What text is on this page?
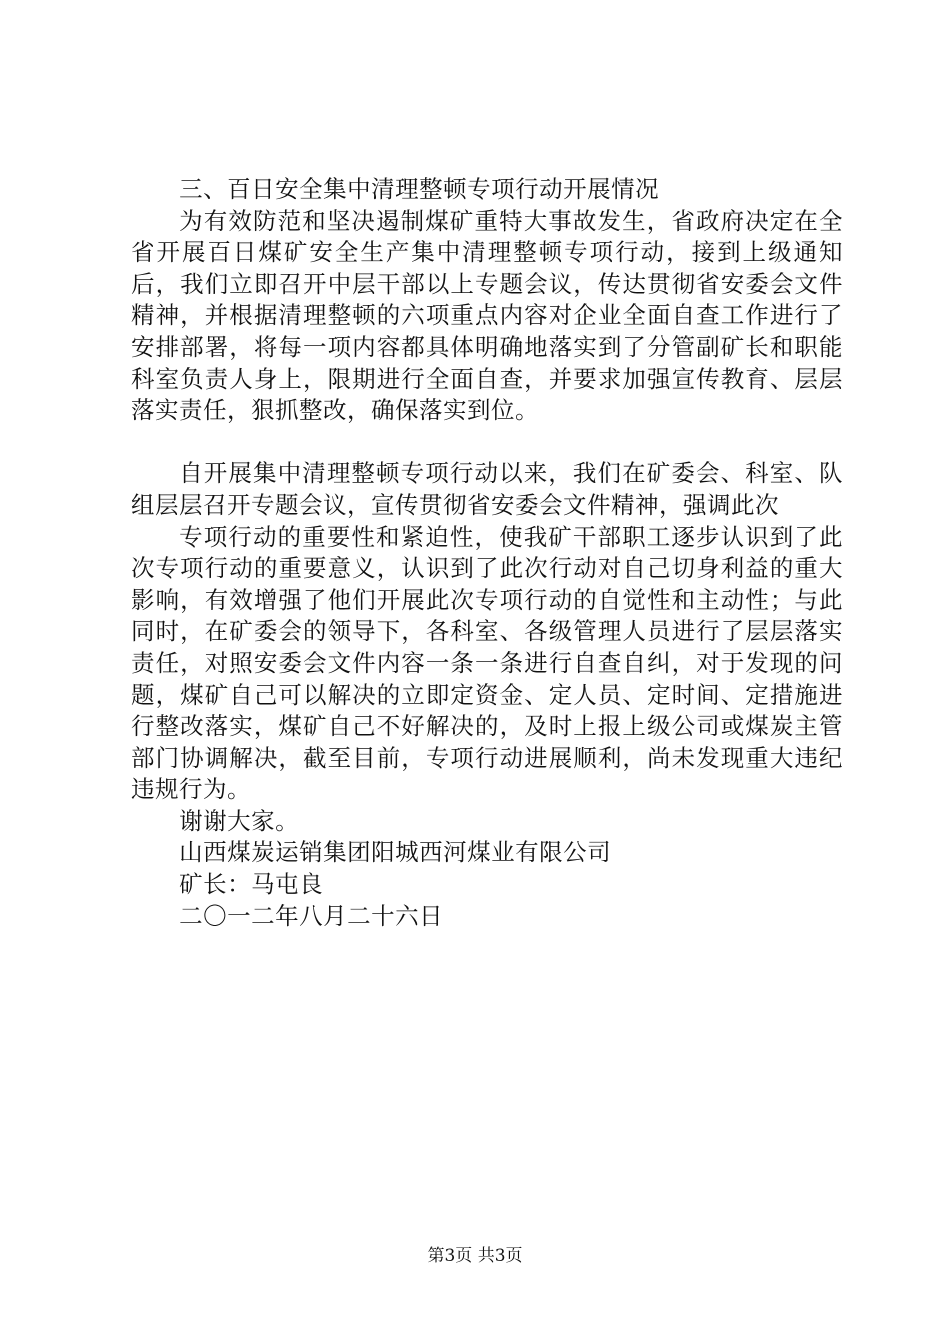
三、百日安全集中清理整顿专项行动开展情况

为有效防范和坚决遏制煤矿重特大事故发生，省政府决定在全省开展百日煤矿安全生产集中清理整顿专项行动，接到上级通知后，我们立即召开中层干部以上专题会议，传达贯彻省安委会文件精神，并根据清理整顿的六项重点内容对企业全面自查工作进行了安排部署，将每一项内容都具体明确地落实到了分管副矿长和职能科室负责人身上，限期进行全面自查，并要求加强宣传教育、层层落实责任，狠抓整改，确保落实到位。

自开展集中清理整顿专项行动以来，我们在矿委会、科室、队组层层召开专题会议，宣传贯彻省安委会文件精神，强调此次

专项行动的重要性和紧迫性，使我矿干部职工逐步认识到了此次专项行动的重要意义，认识到了此次行动对自己切身利益的重大影响，有效增强了他们开展此次专项行动的自觉性和主动性；与此同时，在矿委会的领导下，各科室、各级管理人员进行了层层落实责任，对照安委会文件内容一条一条进行自查自纠，对于发现的问题，煤矿自己可以解决的立即定资金、定人员、定时间、定措施进行整改落实，煤矿自己不好解决的，及时上报上级公司或煤炭主管部门协调解决，截至目前，专项行动进展顺利，尚未发现重大违纪违规行为。

谢谢大家。

山西煤炭运销集团阳城西河煤业有限公司

矿长：马屯良

二〇一二年八月二十六日

第3页 共3页
